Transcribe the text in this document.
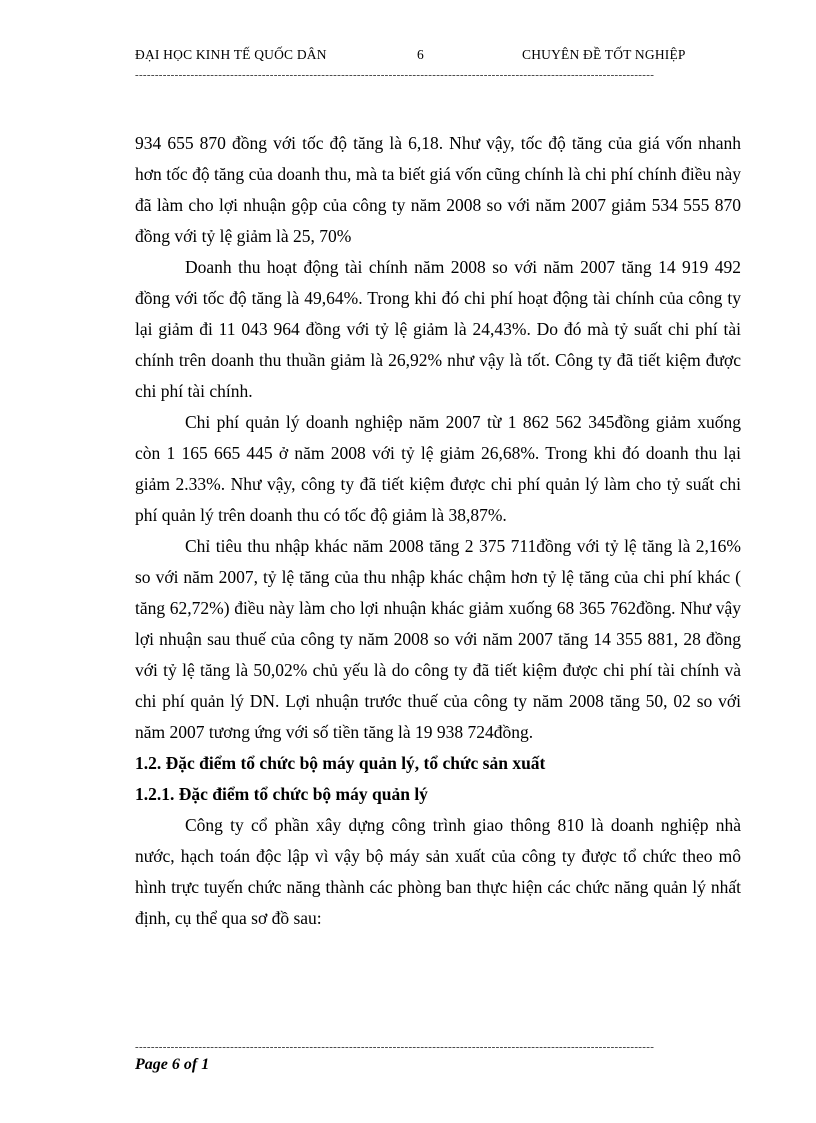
ĐẠI HỌC KINH TẾ QUỐC DÂN	6	CHUYÊN ĐỀ TỐT NGHIỆP
-----------------------------------------------------------------------------------------------------------------------------------

934 655 870 đồng với tốc độ tăng là 6,18. Như vậy, tốc độ tăng của giá vốn nhanh hơn tốc độ tăng của doanh thu, mà ta biết giá vốn cũng chính là chi phí chính điều này đã làm cho lợi nhuận gộp của công ty năm 2008 so với năm 2007 giảm 534 555 870 đồng với tỷ lệ giảm là 25, 70%

Doanh thu hoạt động tài chính năm 2008 so với năm 2007 tăng 14 919 492 đồng với tốc độ tăng là 49,64%. Trong khi đó chi phí hoạt động tài chính của công ty lại giảm đi 11 043 964 đồng với tỷ lệ giảm là 24,43%. Do đó mà tỷ suất chi phí tài chính trên doanh thu thuần giảm là 26,92% như vậy là tốt. Công ty đã tiết kiệm được chi phí tài chính.

Chi phí quản lý doanh nghiệp năm 2007 từ 1 862 562 345đồng giảm xuống còn 1 165 665 445 ở năm 2008 với tỷ lệ giảm 26,68%. Trong khi đó doanh thu lại giảm 2.33%. Như vậy, công ty đã tiết kiệm được chi phí quản lý làm cho tỷ suất chi phí quản lý trên doanh thu có tốc độ giảm là 38,87%.

Chỉ tiêu thu nhập khác năm 2008 tăng 2 375 711đồng với tỷ lệ tăng là 2,16% so với năm 2007, tỷ lệ tăng của thu nhập khác chậm hơn tỷ lệ tăng của chi phí khác ( tăng 62,72%) điều này làm cho lợi nhuận khác giảm xuống 68 365 762đồng. Như vậy lợi nhuận sau thuế của công ty năm 2008 so với năm 2007 tăng 14 355 881, 28 đồng với tỷ lệ tăng là 50,02% chủ yếu là do công ty đã tiết kiệm được chi phí tài chính và chi phí quản lý DN. Lợi nhuận trước thuế của công ty năm 2008 tăng 50, 02 so với năm 2007 tương ứng với số tiền tăng là 19 938 724đồng.

1.2. Đặc điểm tổ chức bộ máy quản lý, tổ chức sản xuất
1.2.1. Đặc điểm tổ chức bộ máy quản lý

Công ty cổ phần xây dựng công trình giao thông 810 là doanh nghiệp nhà nước, hạch toán độc lập vì vậy bộ máy sản xuất của công ty được tổ chức theo mô hình trực tuyến chức năng thành các phòng ban thực hiện các chức năng quản lý nhất định, cụ thể qua sơ đồ sau:

-----------------------------------------------------------------------------------------------------------------------------------
Page 6 of 1
